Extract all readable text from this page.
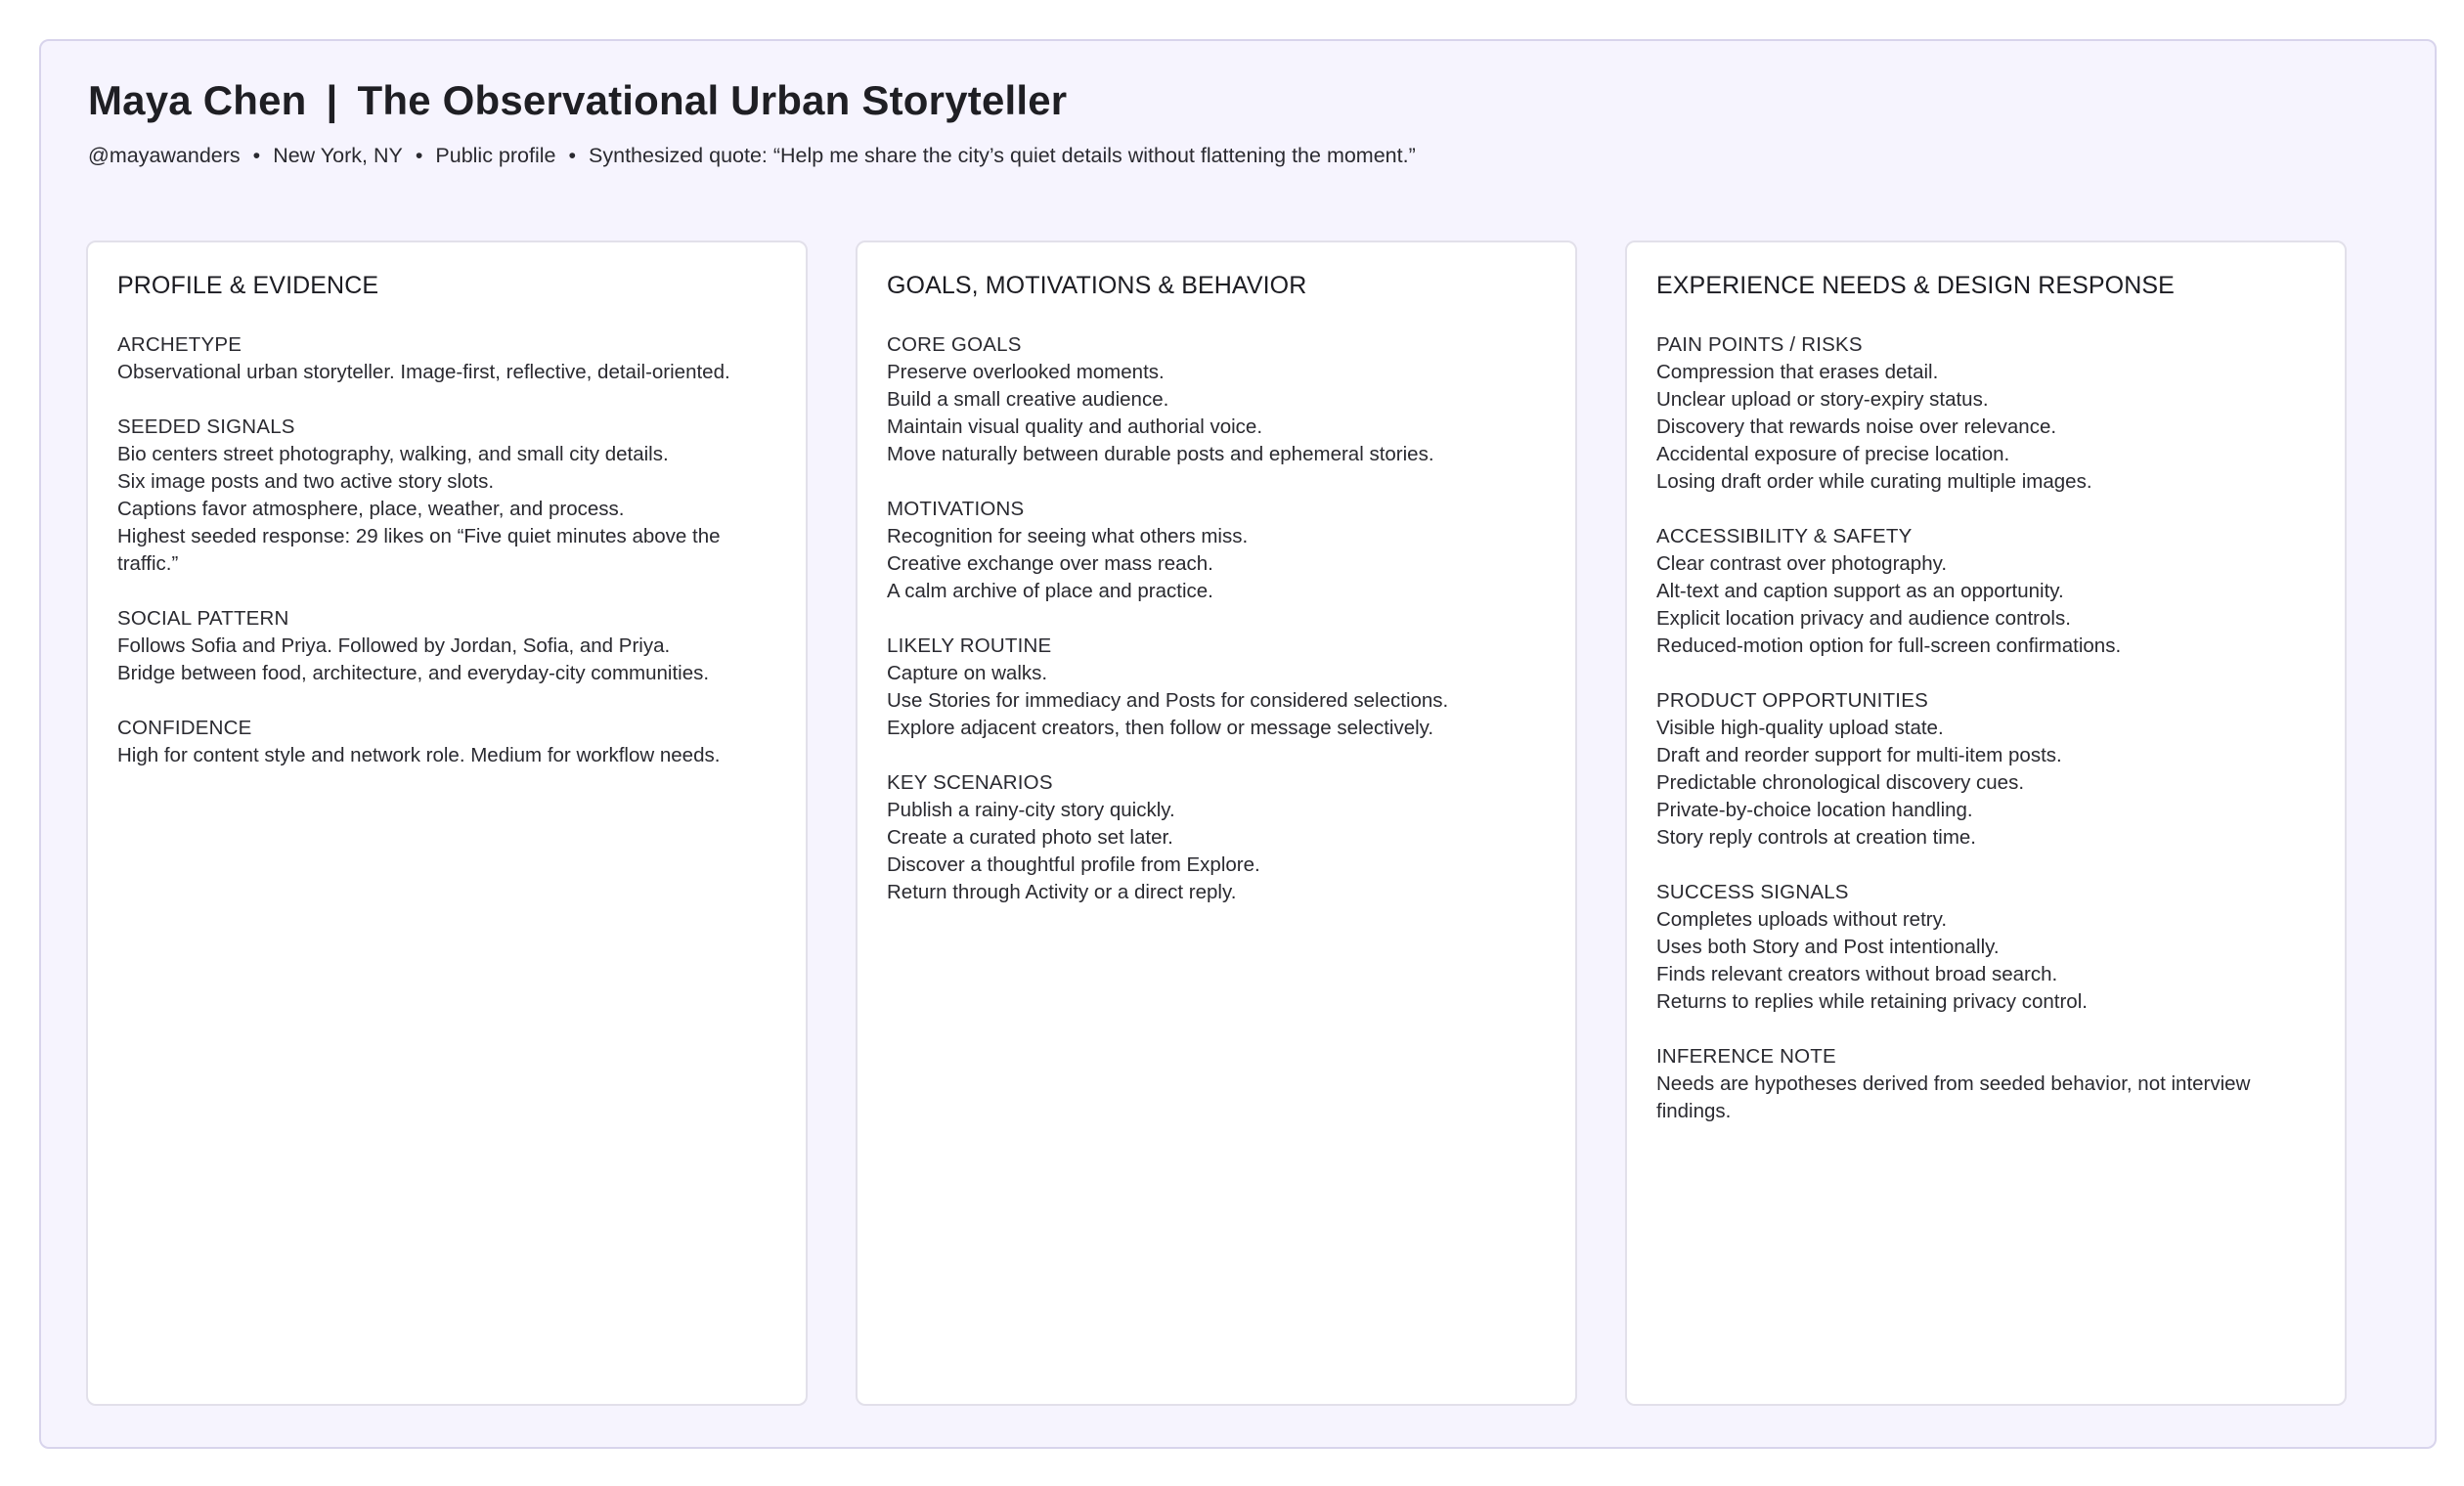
Maya Chen | The Observational Urban Storyteller
@mayawanders • New York, NY • Public profile • Synthesized quote: “Help me share the city’s quiet details without flattening the moment.”
PROFILE & EVIDENCE
ARCHETYPE
Observational urban storyteller. Image-first, reflective, detail-oriented.
SEEDED SIGNALS
Bio centers street photography, walking, and small city details.
Six image posts and two active story slots.
Captions favor atmosphere, place, weather, and process.
Highest seeded response: 29 likes on “Five quiet minutes above the traffic.”
SOCIAL PATTERN
Follows Sofia and Priya. Followed by Jordan, Sofia, and Priya.
Bridge between food, architecture, and everyday-city communities.
CONFIDENCE
High for content style and network role. Medium for workflow needs.
GOALS, MOTIVATIONS & BEHAVIOR
CORE GOALS
Preserve overlooked moments.
Build a small creative audience.
Maintain visual quality and authorial voice.
Move naturally between durable posts and ephemeral stories.
MOTIVATIONS
Recognition for seeing what others miss.
Creative exchange over mass reach.
A calm archive of place and practice.
LIKELY ROUTINE
Capture on walks.
Use Stories for immediacy and Posts for considered selections.
Explore adjacent creators, then follow or message selectively.
KEY SCENARIOS
Publish a rainy-city story quickly.
Create a curated photo set later.
Discover a thoughtful profile from Explore.
Return through Activity or a direct reply.
EXPERIENCE NEEDS & DESIGN RESPONSE
PAIN POINTS / RISKS
Compression that erases detail.
Unclear upload or story-expiry status.
Discovery that rewards noise over relevance.
Accidental exposure of precise location.
Losing draft order while curating multiple images.
ACCESSIBILITY & SAFETY
Clear contrast over photography.
Alt-text and caption support as an opportunity.
Explicit location privacy and audience controls.
Reduced-motion option for full-screen confirmations.
PRODUCT OPPORTUNITIES
Visible high-quality upload state.
Draft and reorder support for multi-item posts.
Predictable chronological discovery cues.
Private-by-choice location handling.
Story reply controls at creation time.
SUCCESS SIGNALS
Completes uploads without retry.
Uses both Story and Post intentionally.
Finds relevant creators without broad search.
Returns to replies while retaining privacy control.
INFERENCE NOTE
Needs are hypotheses derived from seeded behavior, not interview findings.
